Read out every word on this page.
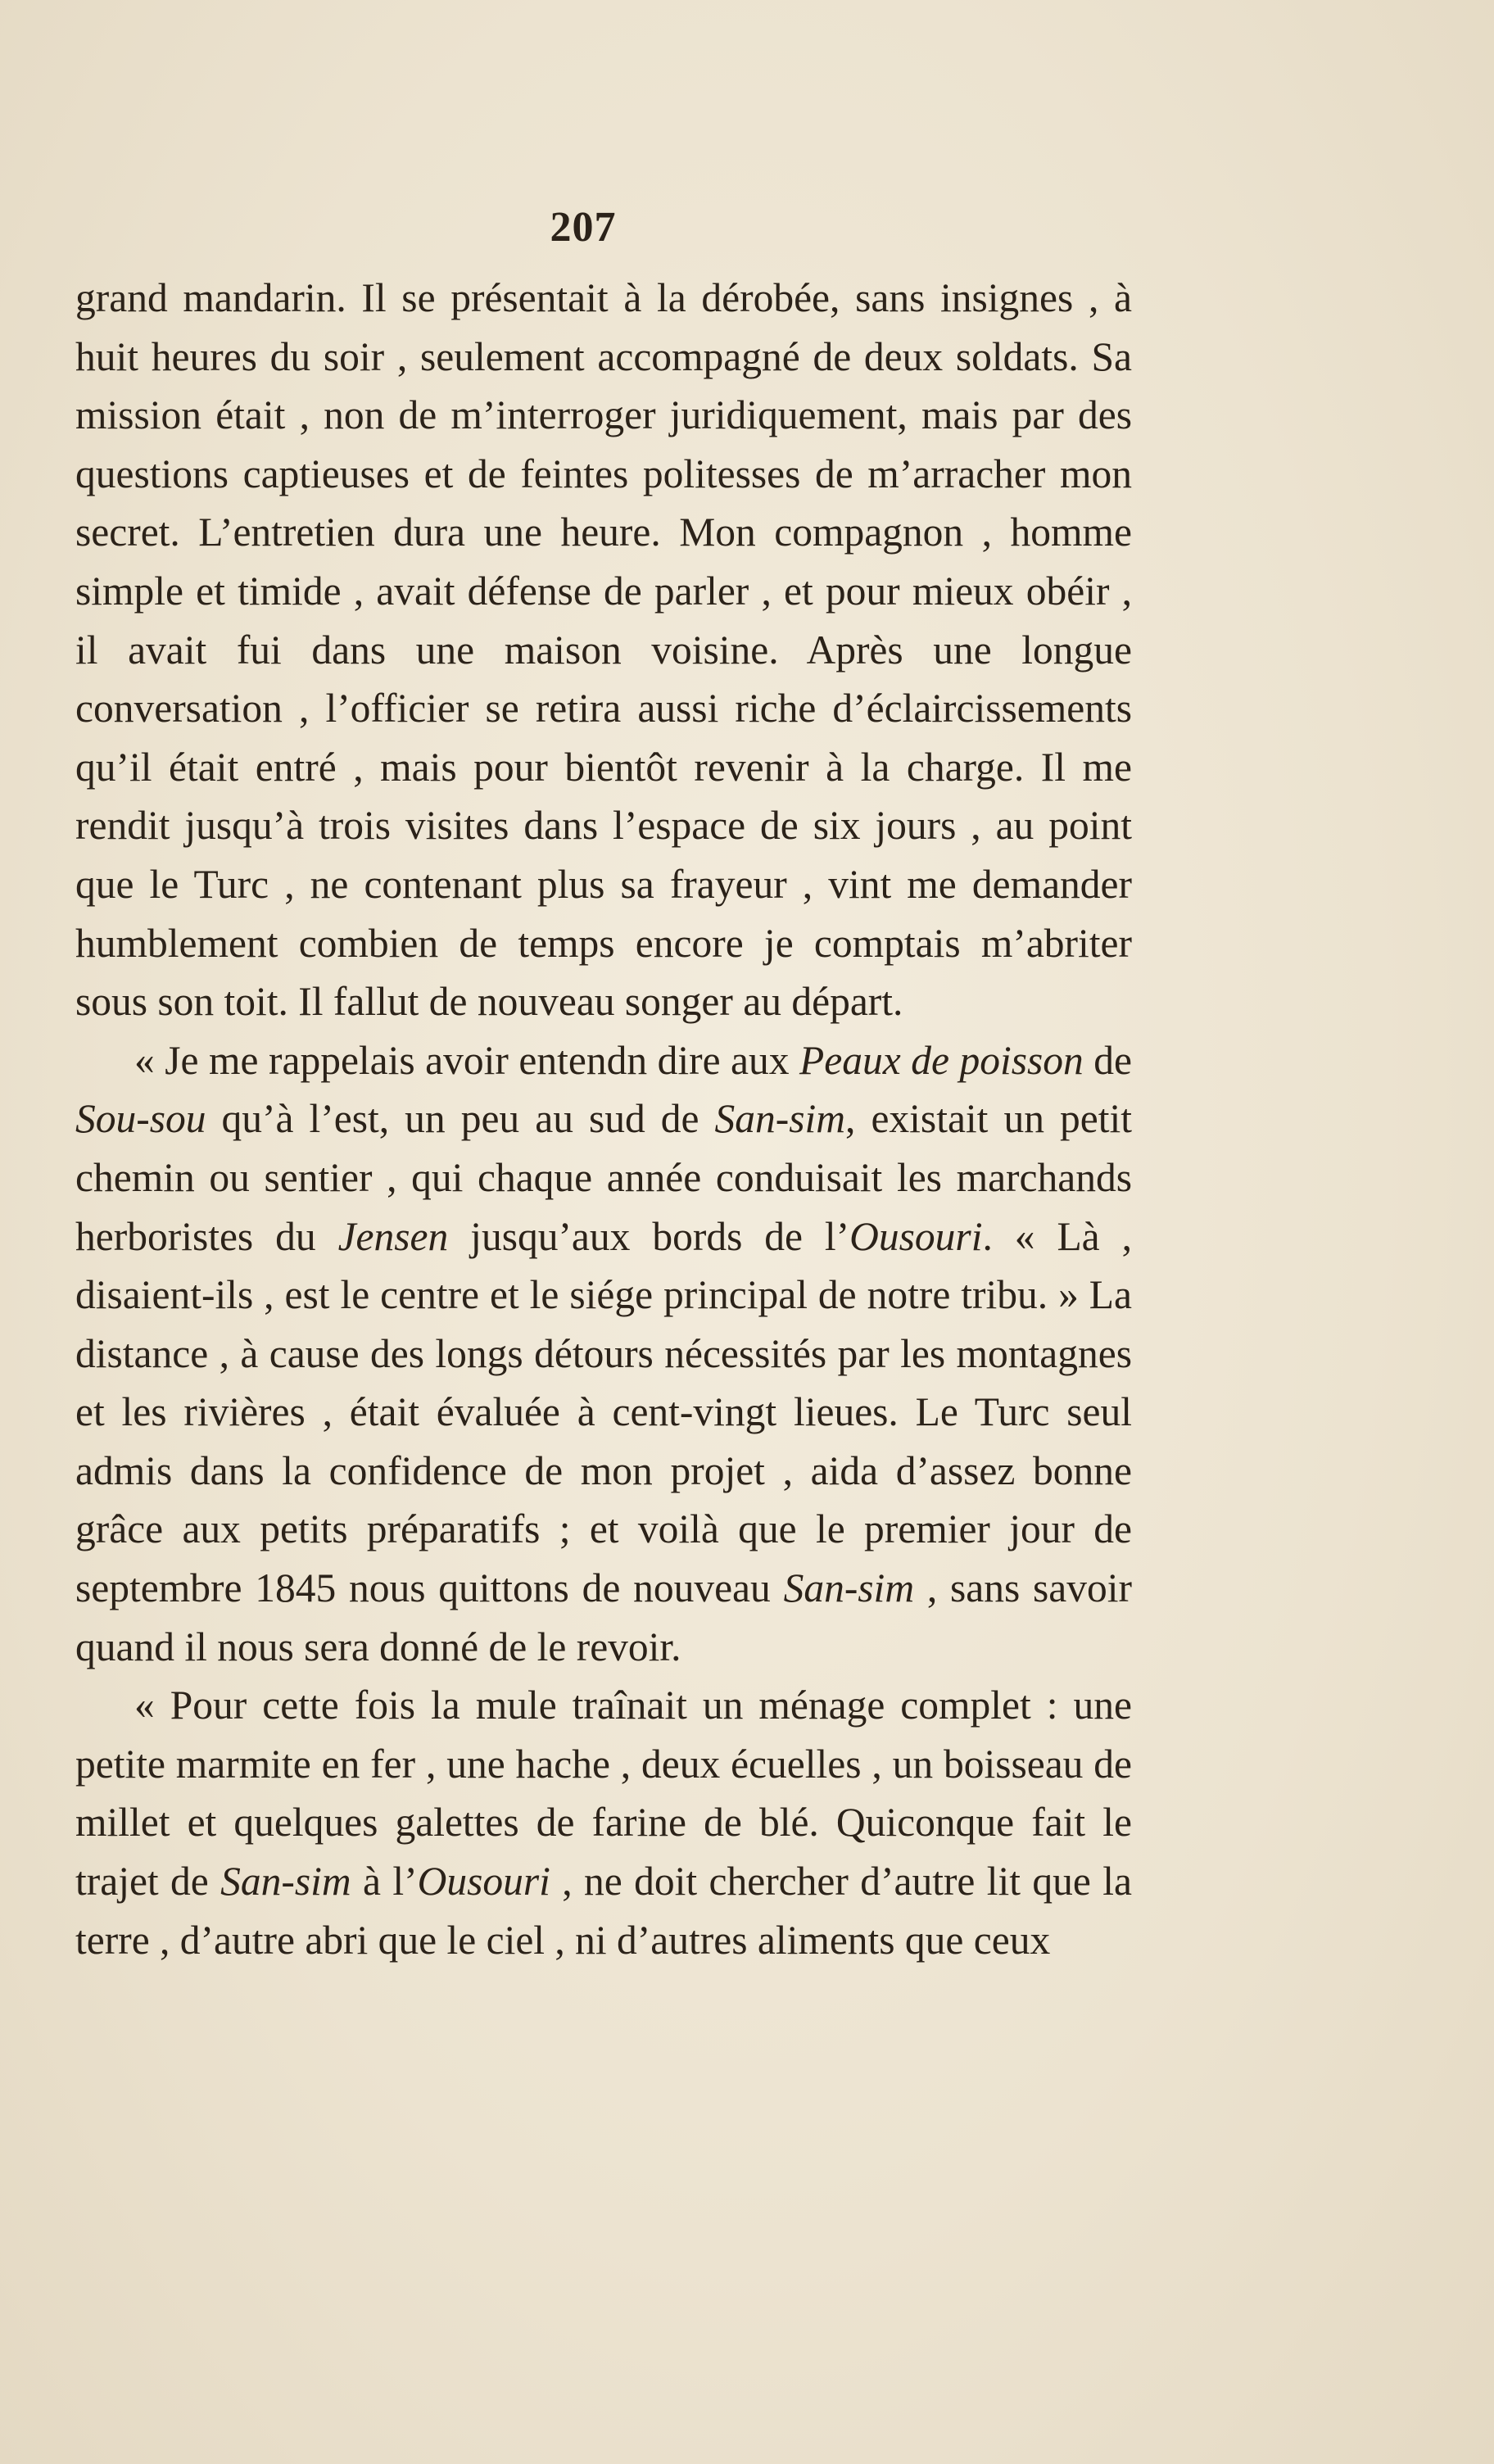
207

grand mandarin. Il se présentait à la dérobée, sans insignes , à huit heures du soir , seulement accompagné de deux soldats. Sa mission était , non de m’interroger juridiquement, mais par des questions captieuses et de feintes politesses de m’arracher mon secret. L’entretien dura une heure. Mon compagnon , homme simple et timide , avait défense de parler , et pour mieux obéir , il avait fui dans une maison voisine. Après une longue conversation , l’officier se retira aussi riche d’éclaircissements qu’il était entré , mais pour bientôt revenir à la charge. Il me rendit jusqu’à trois visites dans l’espace de six jours , au point que le Turc , ne contenant plus sa frayeur , vint me demander humblement combien de temps encore je comptais m’abriter sous son toit. Il fallut de nouveau songer au départ.

« Je me rappelais avoir entendn dire aux Peaux de poisson de Sou-sou qu’à l’est, un peu au sud de San-sim, existait un petit chemin ou sentier , qui chaque année conduisait les marchands herboristes du Jensen jusqu’aux bords de l’Ousouri. « Là , disaient-ils , est le centre et le siége principal de notre tribu. » La distance , à cause des longs détours nécessités par les montagnes et les rivières , était évaluée à cent-vingt lieues. Le Turc seul admis dans la confidence de mon projet , aida d’assez bonne grâce aux petits préparatifs ; et voilà que le premier jour de septembre 1845 nous quittons de nouveau San-sim , sans savoir quand il nous sera donné de le revoir.

« Pour cette fois la mule traînait un ménage complet : une petite marmite en fer , une hache , deux écuelles , un boisseau de millet et quelques galettes de farine de blé. Quiconque fait le trajet de San-sim à l’Ousouri , ne doit chercher d’autre lit que la terre , d’autre abri que le ciel , ni d’autres aliments que ceux
